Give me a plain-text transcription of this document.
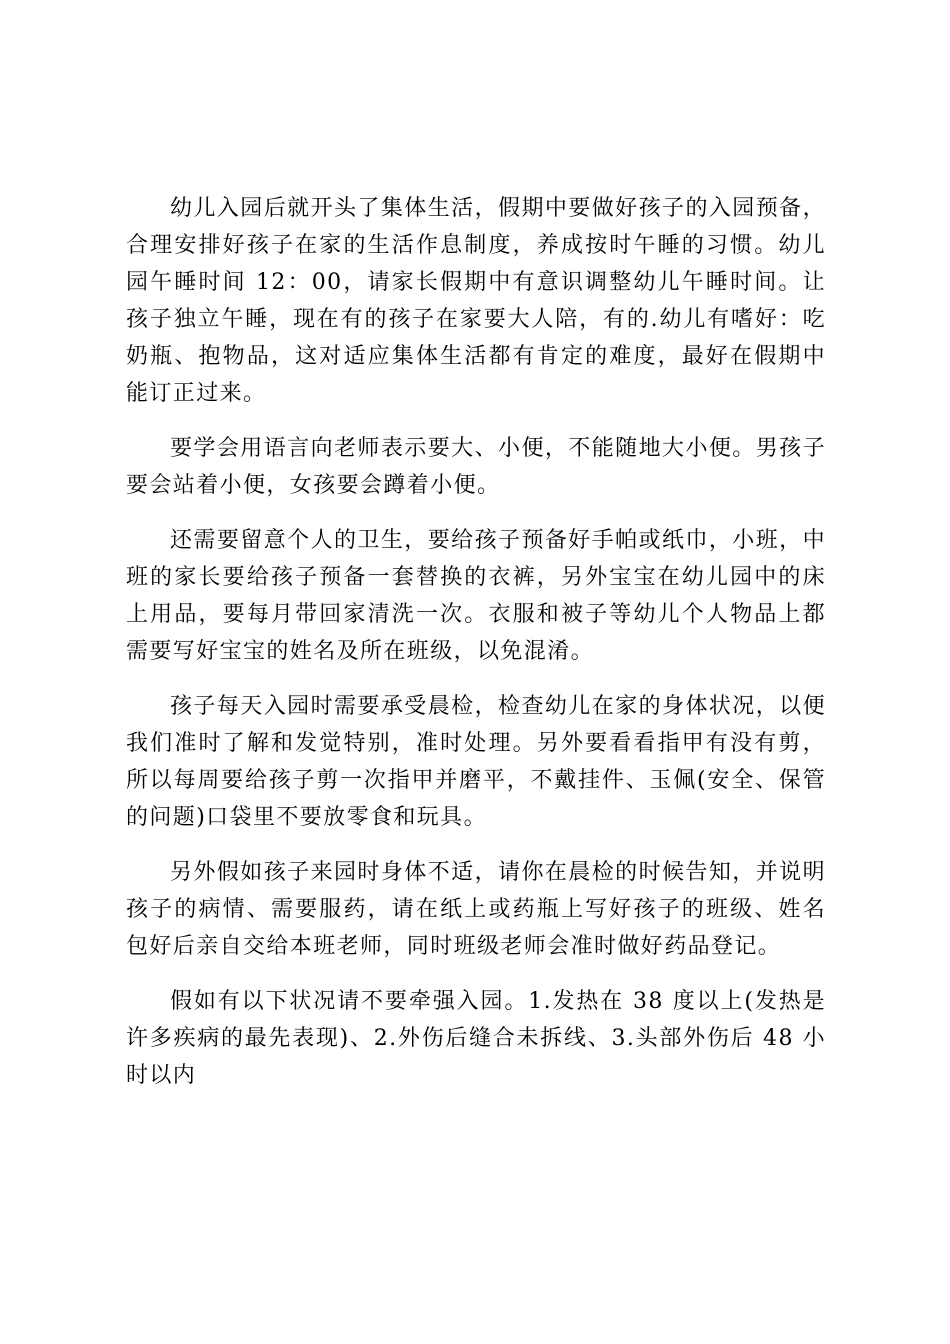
幼儿入园后就开头了集体生活，假期中要做好孩子的入园预备，合理安排好孩子在家的生活作息制度，养成按时午睡的习惯。幼儿园午睡时间 12：00，请家长假期中有意识调整幼儿午睡时间。让孩子独立午睡，现在有的孩子在家要大人陪，有的.幼儿有嗜好：吃奶瓶、抱物品，这对适应集体生活都有肯定的难度，最好在假期中能订正过来。

要学会用语言向老师表示要大、小便，不能随地大小便。男孩子要会站着小便，女孩要会蹲着小便。

还需要留意个人的卫生，要给孩子预备好手帕或纸巾，小班，中班的家长要给孩子预备一套替换的衣裤，另外宝宝在幼儿园中的床上用品，要每月带回家清洗一次。衣服和被子等幼儿个人物品上都需要写好宝宝的姓名及所在班级，以免混淆。

孩子每天入园时需要承受晨检，检查幼儿在家的身体状况，以便我们准时了解和发觉特别，准时处理。另外要看看指甲有没有剪，所以每周要给孩子剪一次指甲并磨平，不戴挂件、玉佩(安全、保管的问题)口袋里不要放零食和玩具。

另外假如孩子来园时身体不适，请你在晨检的时候告知，并说明孩子的病情、需要服药，请在纸上或药瓶上写好孩子的班级、姓名包好后亲自交给本班老师，同时班级老师会准时做好药品登记。

假如有以下状况请不要牵强入园。1.发热在 38 度以上(发热是许多疾病的最先表现)、2.外伤后缝合未拆线、3.头部外伤后 48 小时以内
